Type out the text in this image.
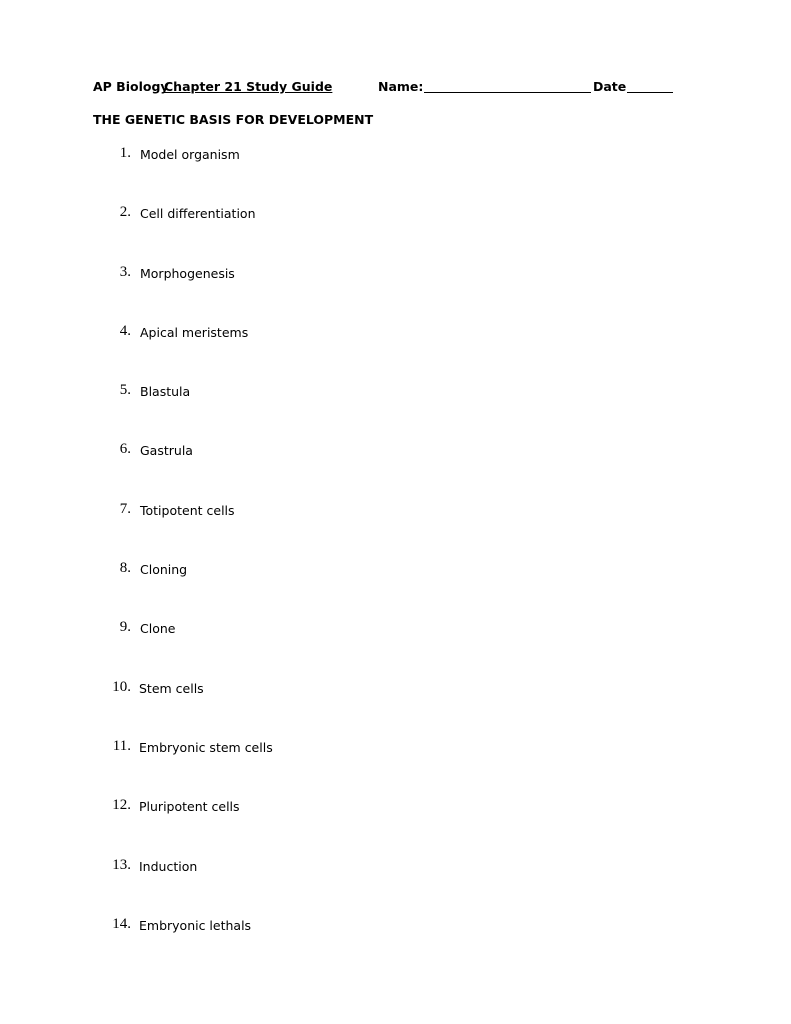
AP Biology
Chapter 21 Study Guide	Name:	Date
THE GENETIC BASIS FOR DEVELOPMENT
1. Model organism
2. Cell differentiation
3. Morphogenesis
4. Apical meristems
5. Blastula
6. Gastrula
7. Totipotent cells
8. Cloning
9. Clone
10. Stem cells
11. Embryonic stem cells
12. Pluripotent cells
13. Induction
14. Embryonic lethals
